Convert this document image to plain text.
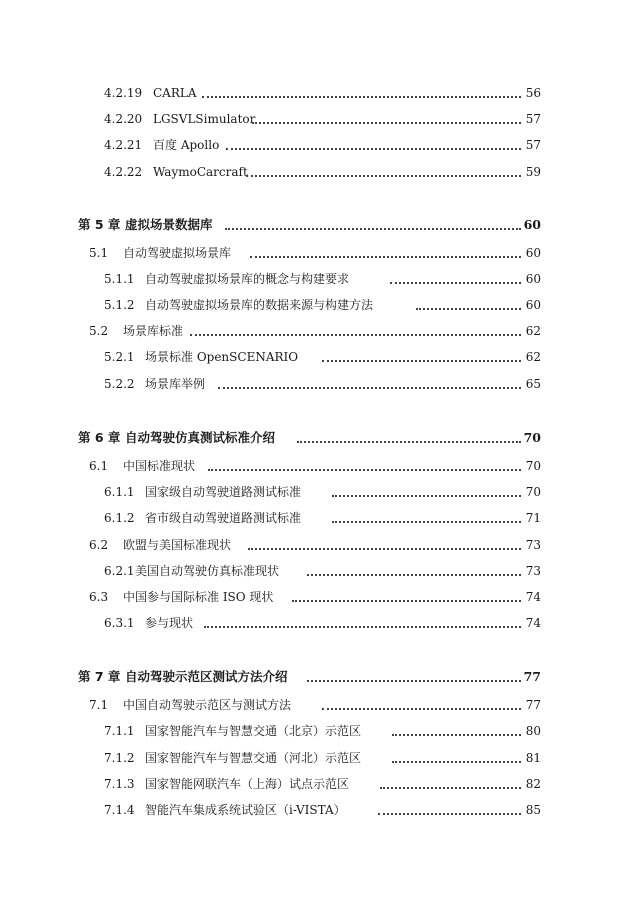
4.2.19 CARLA	56
4.2.20 LGSVLSimulator	57
4.2.21 百度 Apollo	57
4.2.22 WaymoCarcraft	59
第 5 章 虚拟场景数据库	60
5.1 自动驾驶虚拟场景库	60
5.1.1 自动驾驶虚拟场景库的概念与构建要求	60
5.1.2 自动驾驶虚拟场景库的数据来源与构建方法	60
5.2 场景库标准	62
5.2.1 场景标准 OpenSCENARIO	62
5.2.2 场景库举例	65
第 6 章 自动驾驶仿真测试标准介绍	70
6.1 中国标准现状	70
6.1.1 国家级自动驾驶道路测试标准	70
6.1.2 省市级自动驾驶道路测试标准	71
6.2 欧盟与美国标准现状	73
6.2.1 美国自动驾驶仿真标准现状	73
6.3 中国参与国际标准 ISO 现状	74
6.3.1 参与现状	74
第 7 章 自动驾驶示范区测试方法介绍	77
7.1 中国自动驾驶示范区与测试方法	77
7.1.1 国家智能汽车与智慧交通（北京）示范区	80
7.1.2 国家智能汽车与智慧交通（河北）示范区	81
7.1.3 国家智能网联汽车（上海）试点示范区	82
7.1.4 智能汽车集成系统试验区（i-VISTA）	85
